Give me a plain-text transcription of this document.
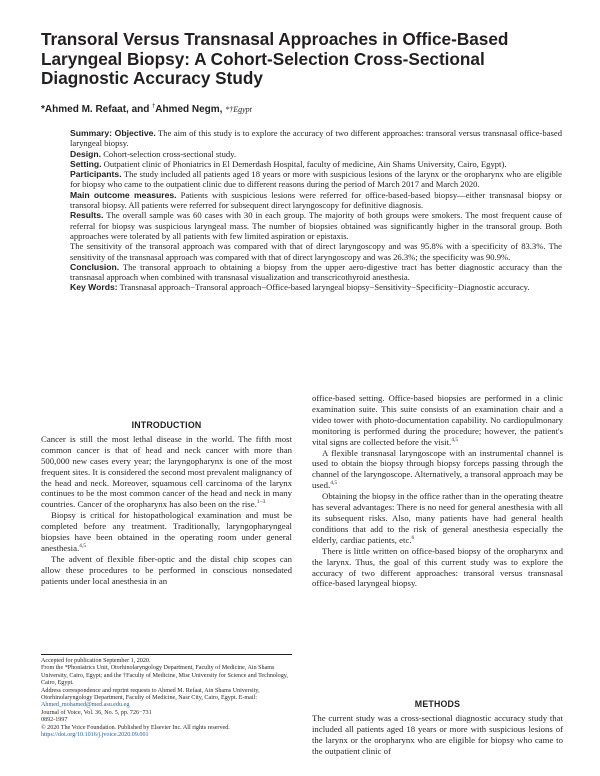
Transoral Versus Transnasal Approaches in Office-Based Laryngeal Biopsy: A Cohort-Selection Cross-Sectional Diagnostic Accuracy Study
*Ahmed M. Refaat, and †Ahmed Negm, *†Egypt

Summary: Objective. The aim of this study is to explore the accuracy of two different approaches: transoral versus transnasal office-based laryngeal biopsy.

Design. Cohort-selection cross-sectional study.

Setting. Outpatient clinic of Phoniatrics in El Demerdash Hospital, faculty of medicine, Ain Shams University, Cairo, Egypt).

Participants. The study included all patients aged 18 years or more with suspicious lesions of the larynx or the oropharynx who are eligible for biopsy who came to the outpatient clinic due to different reasons during the period of March 2017 and March 2020.

Main outcome measures. Patients with suspicious lesions were referred for office-based-based biopsy—either transnasal biopsy or transoral biopsy. All patients were referred for subsequent direct laryngoscopy for definitive diagnosis.

Results. The overall sample was 60 cases with 30 in each group. The majority of both groups were smokers. The most frequent cause of referral for biopsy was suspicious laryngeal mass. The number of biopsies obtained was significantly higher in the transoral group. Both approaches were tolerated by all patients with few limited aspiration or epistaxis.

The sensitivity of the transoral approach was compared with that of direct laryngoscopy and was 95.8% with a specificity of 83.3%. The sensitivity of the transnasal approach was compared with that of direct laryngoscopy and was 26.3%; the specificity was 90.9%.

Conclusion. The transoral approach to obtaining a biopsy from the upper aero-digestive tract has better diagnostic accuracy than the transnasal approach when combined with transnasal visualization and transcricothyroid anesthesia.

Key Words: Transnasal approach−Transoral approach−Office-based laryngeal biopsy−Sensitivity−Specificity−Diagnostic accuracy.

INTRODUCTION

Cancer is still the most lethal disease in the world. The fifth most common cancer is that of head and neck cancer with more than 500,000 new cases every year; the laryngopharynx is one of the most frequent sites. It is considered the second most prevalent malignancy of the head and neck. Moreover, squamous cell carcinoma of the larynx continues to be the most common cancer of the head and neck in many countries. Cancer of the oropharynx has also been on the rise.$^{1-3}$

Biopsy is critical for histopathological examination and must be completed before any treatment. Traditionally, laryngopharyngeal biopsies have been obtained in the operating room under general anesthesia.$^{4,5}$

The advent of flexible fiber-optic and the distal chip scopes can allow these procedures to be performed in conscious nonsedated patients under local anesthesia in an

Accepted for publication September 1, 2020.

From the *Phoniatrics Unit, Otorhinolaryngology Department, Faculty of Medicine, Ain Shams University, Cairo, Egypt; and the †Faculty of Medicine, Misr University for Science and Technology, Cairo, Egypt.

Address correspondence and reprint requests to Ahmed M. Refaat, Ain Shams University, Otorhinolaryngology Department, Faculty of Medicine, Nasr City, Cairo, Egypt. E-mail: Ahmed_mohamed@med.asu.edu.eg

Journal of Voice, Vol. 36, No. 5, pp. 726−731

0892-1997

© 2020 The Voice Foundation. Published by Elsevier Inc. All rights reserved.

https://doi.org/10.1016/j.jvoice.2020.09.001

office-based setting. Office-based biopsies are performed in a clinic examination suite. This suite consists of an examination chair and a video tower with photo-documentation capability. No cardiopulmonary monitoring is performed during the procedure; however, the patient's vital signs are collected before the visit.$^{4,5}$

A flexible transnasal laryngoscope with an instrumental channel is used to obtain the biopsy through biopsy forceps passing through the channel of the laryngoscope. Alternatively, a transoral approach may be used.$^{4,5}$

Obtaining the biopsy in the office rather than in the operating theatre has several advantages: There is no need for general anesthesia with all its subsequent risks. Also, many patients have had general health conditions that add to the risk of general anesthesia especially the elderly, cardiac patients, etc.$^6$

There is little written on office-based biopsy of the oropharynx and the larynx. Thus, the goal of this current study was to explore the accuracy of two different approaches: transoral versus transnasal office-based laryngeal biopsy.

METHODS

The current study was a cross-sectional diagnostic accuracy study that included all patients aged 18 years or more with suspicious lesions of the larynx or the oropharynx who are eligible for biopsy who came to the outpatient clinic of
